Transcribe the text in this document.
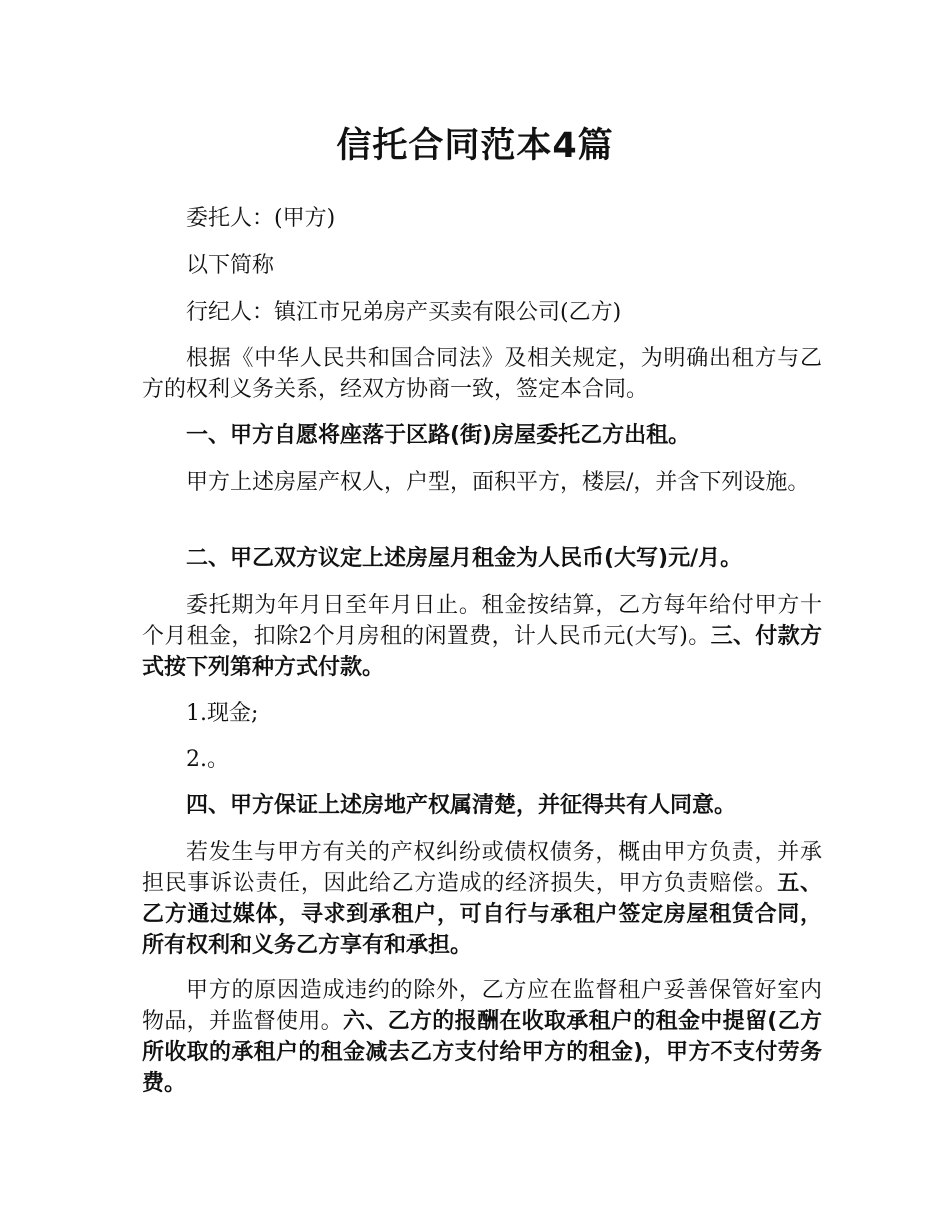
信托合同范本4篇

委托人：(甲方)

以下简称

行纪人：镇江市兄弟房产买卖有限公司(乙方)

根据《中华人民共和国合同法》及相关规定，为明确出租方与乙方的权利义务关系，经双方协商一致，签定本合同。

一、甲方自愿将座落于区路(街)房屋委托乙方出租。

甲方上述房屋产权人，户型，面积平方，楼层/，并含下列设施。

二、甲乙双方议定上述房屋月租金为人民币(大写)元/月。

委托期为年月日至年月日止。租金按结算，乙方每年给付甲方十个月租金，扣除2个月房租的闲置费，计人民币元(大写)。三、付款方式按下列第种方式付款。

1.现金;

2.。

四、甲方保证上述房地产权属清楚，并征得共有人同意。

若发生与甲方有关的产权纠纷或债权债务，概由甲方负责，并承担民事诉讼责任，因此给乙方造成的经济损失，甲方负责赔偿。五、乙方通过媒体，寻求到承租户，可自行与承租户签定房屋租赁合同，所有权利和义务乙方享有和承担。

甲方的原因造成违约的除外，乙方应在监督租户妥善保管好室内物品，并监督使用。六、乙方的报酬在收取承租户的租金中提留(乙方所收取的承租户的租金减去乙方支付给甲方的租金)，甲方不支付劳务费。
